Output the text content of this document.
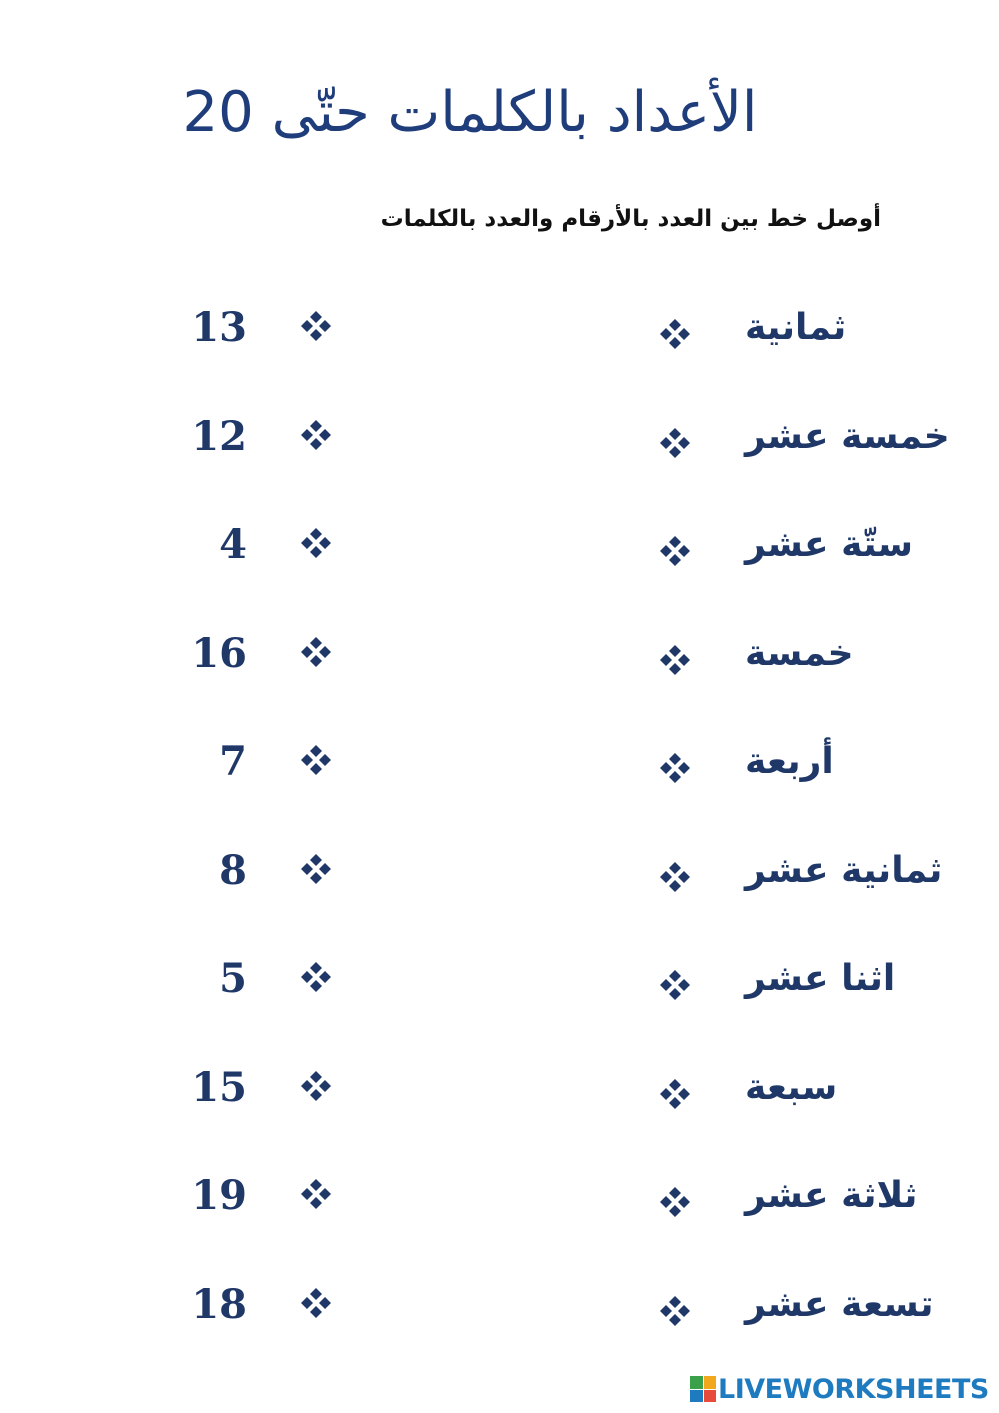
الأعداد بالكلمات حتّى 20
أوصل خط بين العدد بالأرقام والعدد بالكلمات
13	ثمانية
12	خمسة عشر
4	ستّة عشر
16	خمسة
7	أربعة
8	ثمانية عشر
5	اثنا عشر
15	سبعة
19	ثلاثة عشر
18	تسعة عشر
LIVEWORKSHEETS
